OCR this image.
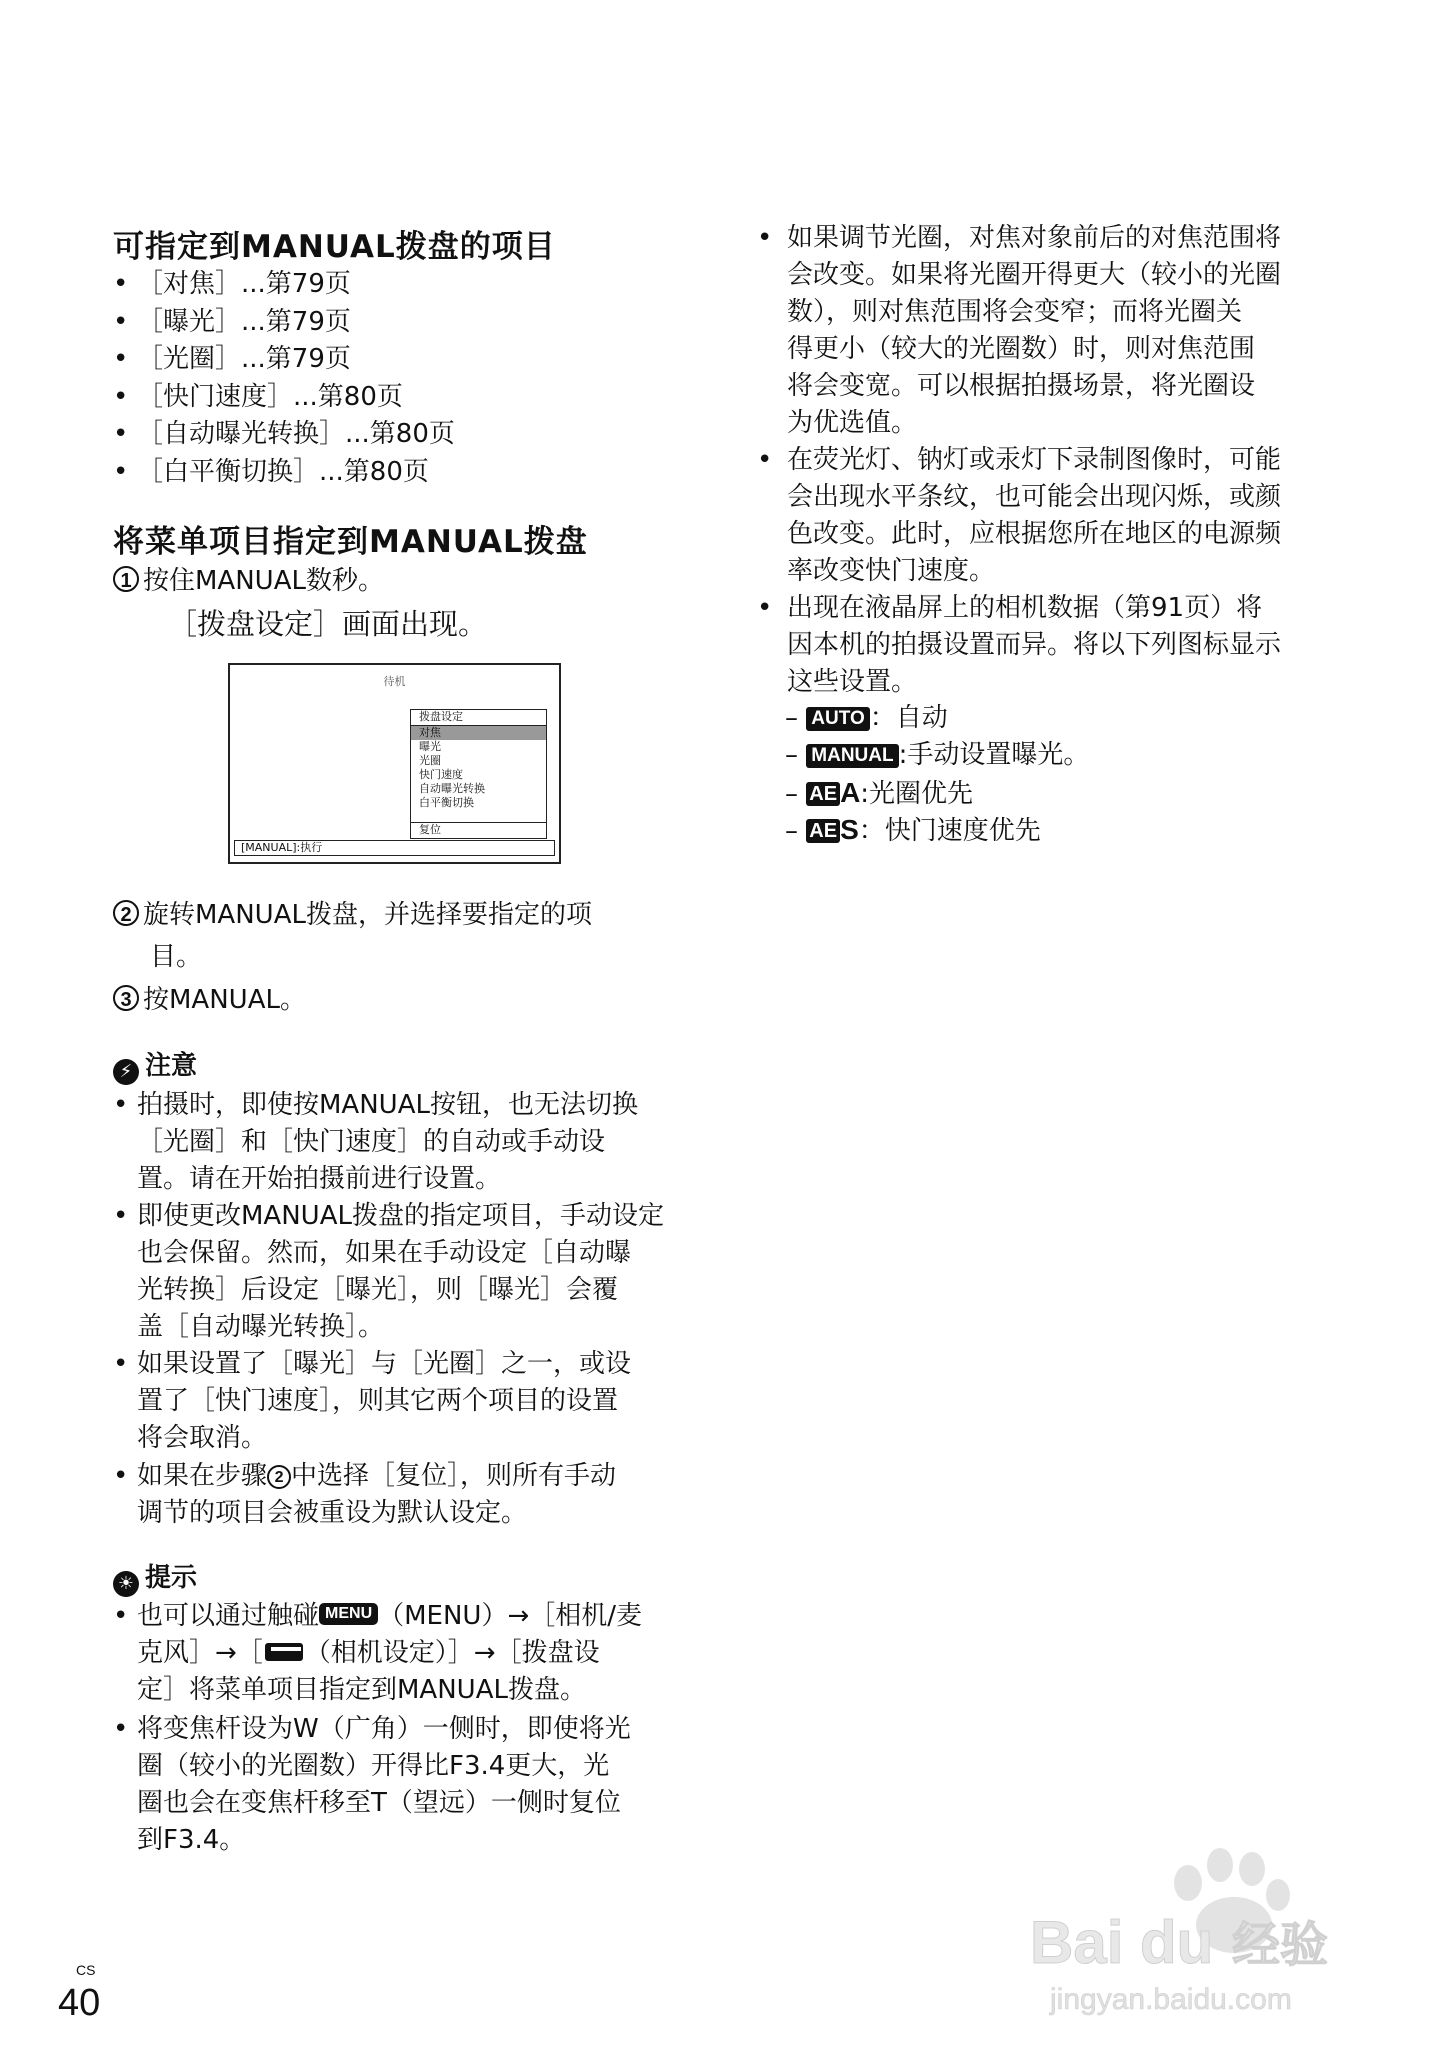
可指定到MANUAL拨盘的项目
• ［对焦］...第79页
• ［曝光］...第79页
• ［光圈］...第79页
• ［快门速度］...第80页
• ［自动曝光转换］...第80页
• ［白平衡切换］...第80页
将菜单项目指定到MANUAL拨盘
1 按住MANUAL数秒。
［拨盘设定］画面出现。
待机
拨盘设定
对焦
曝光
光圈
快门速度
自动曝光转换
白平衡切换
复位
[MANUAL]:执行
2 旋转MANUAL拨盘，并选择要指定的项
目。
3 按MANUAL。
⚡ 注意
• 拍摄时，即使按MANUAL按钮，也无法切换
［光圈］和［快门速度］的自动或手动设
置。请在开始拍摄前进行设置。
• 即使更改MANUAL拨盘的指定项目，手动设定
也会保留。然而，如果在手动设定［自动曝
光转换］后设定［曝光］，则［曝光］会覆
盖［自动曝光转换］。
• 如果设置了［曝光］与［光圈］之一，或设
置了［快门速度］，则其它两个项目的设置
将会取消。
• 如果在步骤 2 中选择［复位］，则所有手动
调节的项目会被重设为默认设定。
☀ 提示
• 也可以通过触碰 MENU （MENU）→［相机/麦
克风］→［ （相机设定）］→［拨盘设
定］将菜单项目指定到MANUAL拨盘。
• 将变焦杆设为W（广角）一侧时，即使将光
圈（较小的光圈数）开得比F3.4更大，光
圈也会在变焦杆移至T（望远）一侧时复位
到F3.4。
• 如果调节光圈，对焦对象前后的对焦范围将
会改变。如果将光圈开得更大（较小的光圈
数），则对焦范围将会变窄；而将光圈关
得更小（较大的光圈数）时，则对焦范围
将会变宽。可以根据拍摄场景，将光圈设
为优选值。
• 在荧光灯、钠灯或汞灯下录制图像时，可能
会出现水平条纹，也可能会出现闪烁，或颜
色改变。此时，应根据您所在地区的电源频
率改变快门速度。
• 出现在液晶屏上的相机数据（第91页）将
因本机的拍摄设置而异。将以下列图标显示
这些设置。
– AUTO ：自动
– MANUAL :手动设置曝光。
– AE A:光圈优先
– AE S：快门速度优先
CS
40
Bai du 经验
jingyan.baidu.com
